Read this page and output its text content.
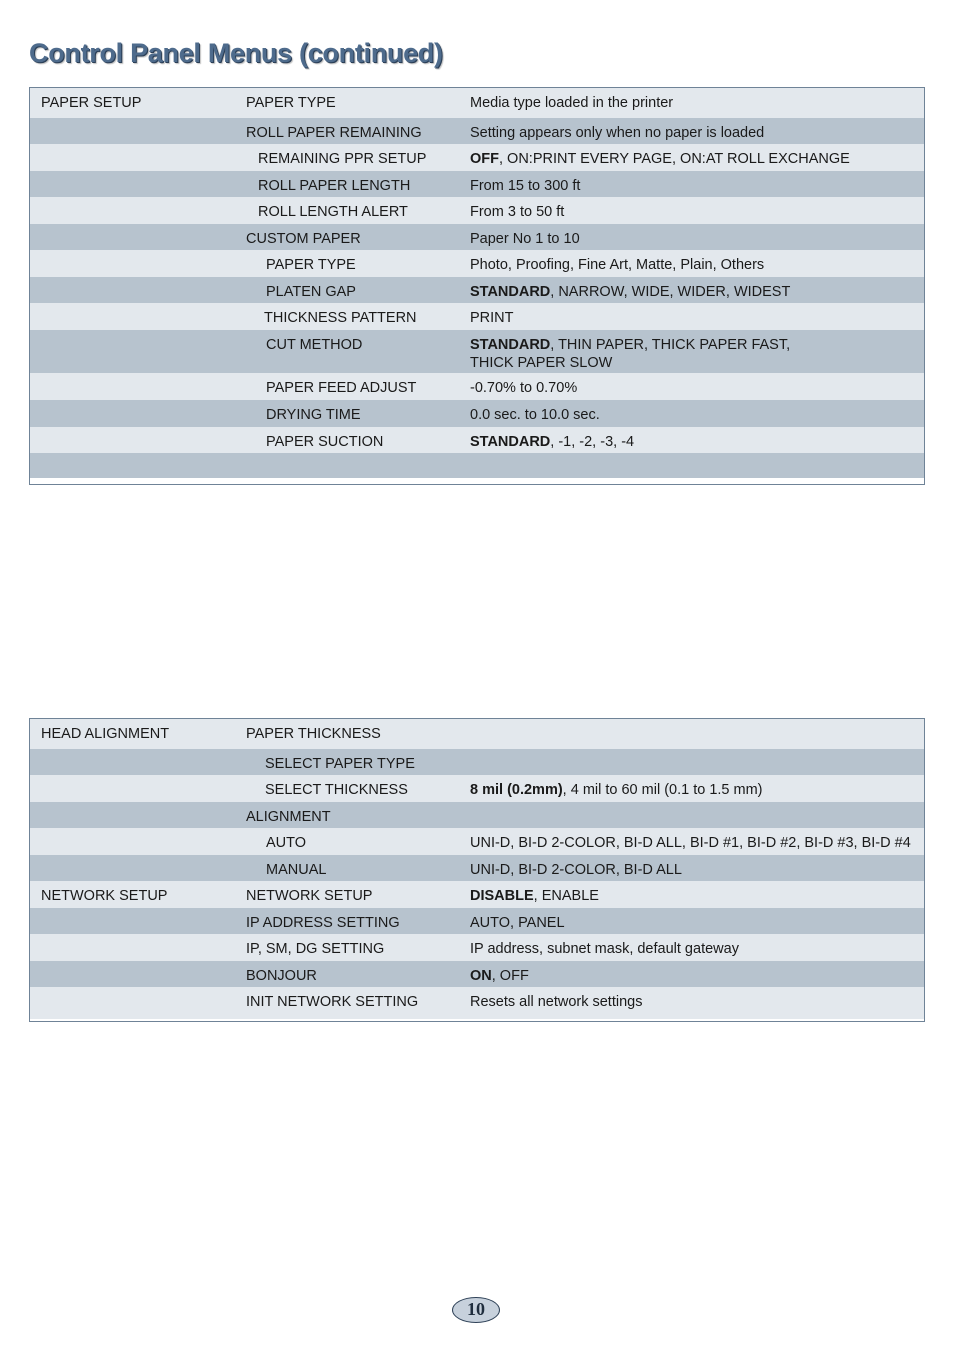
Control Panel Menus (continued)
PAPER SETUP	PAPER TYPE	Media type loaded in the printer
ROLL PAPER REMAINING	Setting appears only when no paper is loaded
REMAINING PPR SETUP	OFF, ON:PRINT EVERY PAGE, ON:AT ROLL EXCHANGE
ROLL PAPER LENGTH	From 15 to 300 ft
ROLL LENGTH ALERT	From 3 to 50 ft
CUSTOM PAPER	Paper No 1 to 10
PAPER TYPE	Photo, Proofing, Fine Art, Matte, Plain, Others
PLATEN GAP	STANDARD, NARROW, WIDE, WIDER, WIDEST
THICKNESS PATTERN	PRINT
CUT METHOD	STANDARD, THIN PAPER, THICK PAPER FAST,
THICK PAPER SLOW
PAPER FEED ADJUST	-0.70% to 0.70%
DRYING TIME	0.0 sec. to 10.0 sec.
PAPER SUCTION	STANDARD, -1, -2, -3, -4
HEAD ALIGNMENT	PAPER THICKNESS
SELECT PAPER TYPE
SELECT THICKNESS	8 mil (0.2mm), 4 mil to 60 mil (0.1 to 1.5 mm)
ALIGNMENT
AUTO	UNI-D, BI-D 2-COLOR, BI-D ALL, BI-D #1, BI-D #2, BI-D #3, BI-D #4
MANUAL	UNI-D, BI-D 2-COLOR, BI-D ALL
NETWORK SETUP	NETWORK SETUP	DISABLE, ENABLE
IP ADDRESS SETTING	AUTO, PANEL
IP, SM, DG SETTING	IP address, subnet mask, default gateway
BONJOUR	ON, OFF
INIT NETWORK SETTING	Resets all network settings
10
